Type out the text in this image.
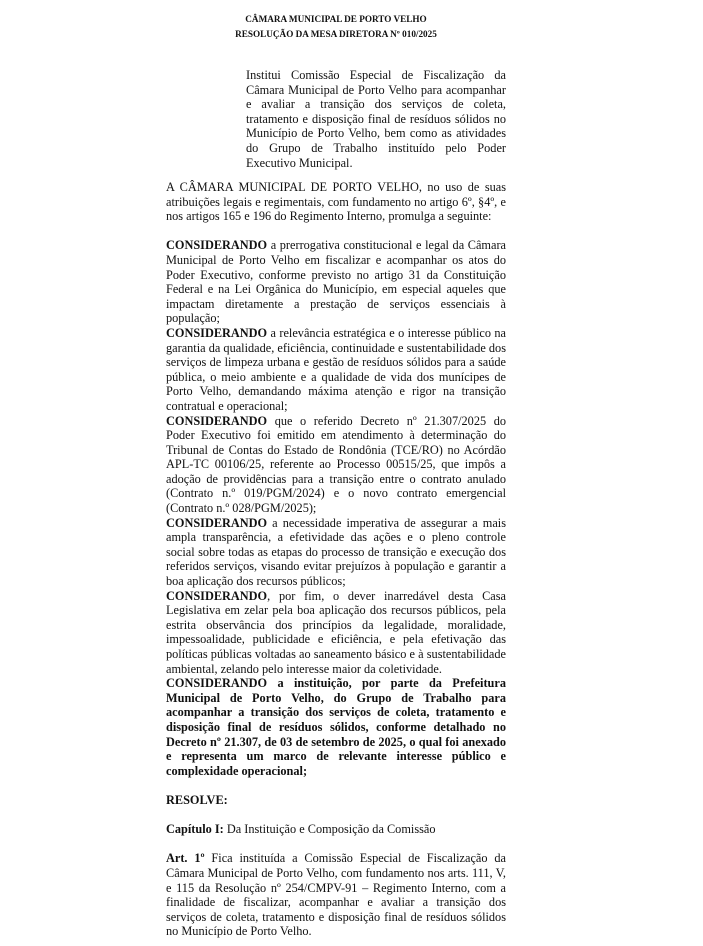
CÂMARA MUNICIPAL DE PORTO VELHO
RESOLUÇÃO DA MESA DIRETORA Nº 010/2025
Institui Comissão Especial de Fiscalização da Câmara Municipal de Porto Velho para acompanhar e avaliar a transição dos serviços de coleta, tratamento e disposição final de resíduos sólidos no Município de Porto Velho, bem como as atividades do Grupo de Trabalho instituído pelo Poder Executivo Municipal.

A CÂMARA MUNICIPAL DE PORTO VELHO, no uso de suas atribuições legais e regimentais, com fundamento no artigo 6º, §4º, e nos artigos 165 e 196 do Regimento Interno, promulga a seguinte:

CONSIDERANDO a prerrogativa constitucional e legal da Câmara Municipal de Porto Velho em fiscalizar e acompanhar os atos do Poder Executivo, conforme previsto no artigo 31 da Constituição Federal e na Lei Orgânica do Município, em especial aqueles que impactam diretamente a prestação de serviços essenciais à população;

CONSIDERANDO a relevância estratégica e o interesse público na garantia da qualidade, eficiência, continuidade e sustentabilidade dos serviços de limpeza urbana e gestão de resíduos sólidos para a saúde pública, o meio ambiente e a qualidade de vida dos munícipes de Porto Velho, demandando máxima atenção e rigor na transição contratual e operacional;

CONSIDERANDO que o referido Decreto nº 21.307/2025 do Poder Executivo foi emitido em atendimento à determinação do Tribunal de Contas do Estado de Rondônia (TCE/RO) no Acórdão APL-TC 00106/25, referente ao Processo 00515/25, que impôs a adoção de providências para a transição entre o contrato anulado (Contrato n.º 019/PGM/2024) e o novo contrato emergencial (Contrato n.º 028/PGM/2025);

CONSIDERANDO a necessidade imperativa de assegurar a mais ampla transparência, a efetividade das ações e o pleno controle social sobre todas as etapas do processo de transição e execução dos referidos serviços, visando evitar prejuízos à população e garantir a boa aplicação dos recursos públicos;

CONSIDERANDO, por fim, o dever inarredável desta Casa Legislativa em zelar pela boa aplicação dos recursos públicos, pela estrita observância dos princípios da legalidade, moralidade, impessoalidade, publicidade e eficiência, e pela efetivação das políticas públicas voltadas ao saneamento básico e à sustentabilidade ambiental, zelando pelo interesse maior da coletividade.

CONSIDERANDO a instituição, por parte da Prefeitura Municipal de Porto Velho, do Grupo de Trabalho para acompanhar a transição dos serviços de coleta, tratamento e disposição final de resíduos sólidos, conforme detalhado no Decreto nº 21.307, de 03 de setembro de 2025, o qual foi anexado e representa um marco de relevante interesse público e complexidade operacional;

RESOLVE:

Capítulo I: Da Instituição e Composição da Comissão

Art. 1º Fica instituída a Comissão Especial de Fiscalização da Câmara Municipal de Porto Velho, com fundamento nos arts. 111, V, e 115 da Resolução nº 254/CMPV-91 – Regimento Interno, com a finalidade de fiscalizar, acompanhar e avaliar a transição dos serviços de coleta, tratamento e disposição final de resíduos sólidos no Município de Porto Velho.
